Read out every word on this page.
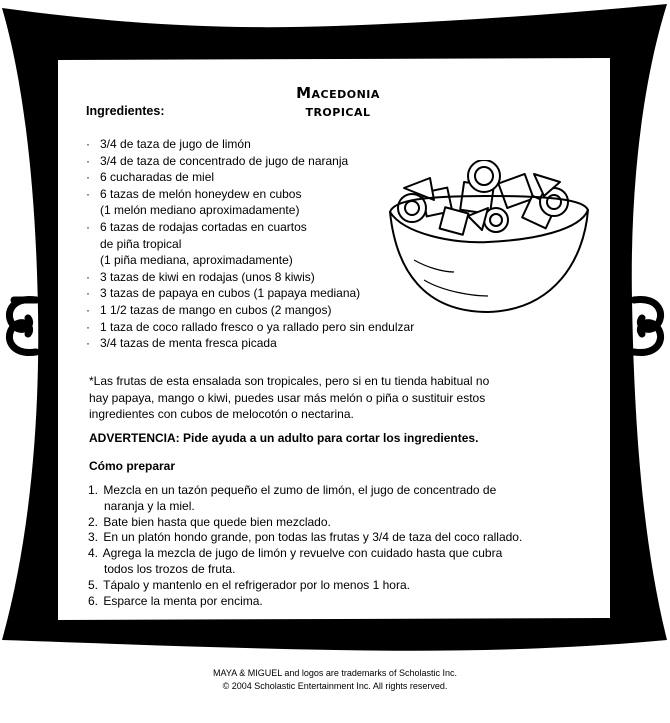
Macedonia tropical
Ingredientes:
· 3/4 de taza de jugo de limón
· 3/4 de taza de concentrado de jugo de naranja
· 6 cucharadas de miel
· 6 tazas de melón honeydew en cubos
(1 melón mediano aproximadamente)
· 6 tazas de rodajas cortadas en cuartos
de piña tropical
(1 piña mediana, aproximadamente)
· 3 tazas de kiwi en rodajas (unos 8 kiwis)
· 3 tazas de papaya en cubos (1 papaya mediana)
· 1 1/2 tazas de mango en cubos (2 mangos)
· 1 taza de coco rallado fresco o ya rallado pero sin endulzar
· 3/4 tazas de menta fresca picada
*Las frutas de esta ensalada son tropicales, pero si en tu tienda habitual no
hay papaya, mango o kiwi, puedes usar más melón o piña o sustituir estos
ingredientes con cubos de melocotón o nectarina.
ADVERTENCIA: Pide ayuda a un adulto para cortar los ingredientes.
Cómo preparar
1. Mezcla en un tazón pequeño el zumo de limón, el jugo de concentrado de
naranja y la miel.
2. Bate bien hasta que quede bien mezclado.
3. En un platón hondo grande, pon todas las frutas y 3/4 de taza del coco rallado.
4. Agrega la mezcla de jugo de limón y revuelve con cuidado hasta que cubra
todos los trozos de fruta.
5. Tápalo y mantenlo en el refrigerador por lo menos 1 hora.
6. Esparce la menta por encima.
MAYA & MIGUEL and logos are trademarks of Scholastic Inc.
© 2004 Scholastic Entertainment Inc. All rights reserved.
